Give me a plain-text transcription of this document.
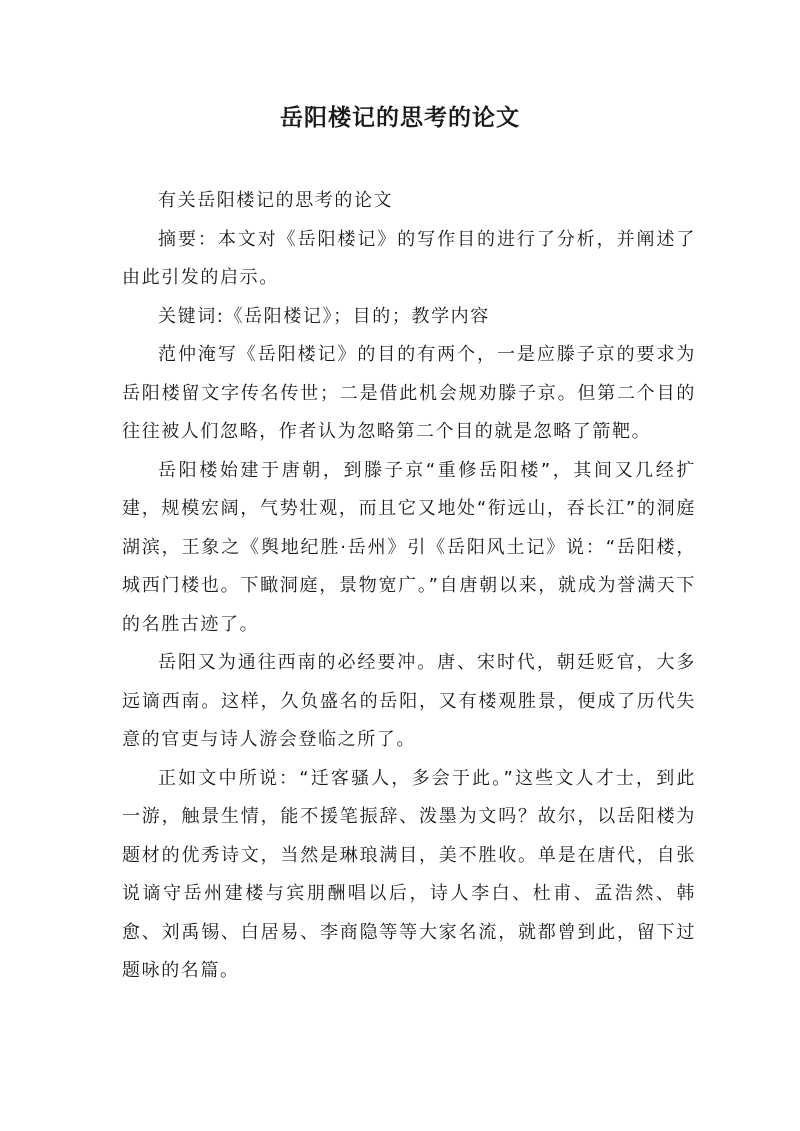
岳阳楼记的思考的论文

有关岳阳楼记的思考的论文

摘要：本文对《岳阳楼记》的写作目的进行了分析，并阐述了由此引发的启示。

关键词:《岳阳楼记》；目的；教学内容

范仲淹写《岳阳楼记》的目的有两个，一是应滕子京的要求为岳阳楼留文字传名传世；二是借此机会规劝滕子京。但第二个目的往往被人们忽略，作者认为忽略第二个目的就是忽略了箭靶。

岳阳楼始建于唐朝，到滕子京“重修岳阳楼”，其间又几经扩建，规模宏阔，气势壮观，而且它又地处“衔远山，吞长江”的洞庭湖滨，王象之《舆地纪胜·岳州》引《岳阳风土记》说：“岳阳楼，城西门楼也。下瞰洞庭，景物宽广。”自唐朝以来，就成为誉满天下的名胜古迹了。

岳阳又为通往西南的必经要冲。唐、宋时代，朝廷贬官，大多远谪西南。这样，久负盛名的岳阳，又有楼观胜景，便成了历代失意的官吏与诗人游会登临之所了。

正如文中所说：“迁客骚人，多会于此。”这些文人才士，到此一游，触景生情，能不援笔振辞、泼墨为文吗？故尔，以岳阳楼为题材的优秀诗文，当然是琳琅满目，美不胜收。单是在唐代，自张说谪守岳州建楼与宾朋酬唱以后，诗人李白、杜甫、孟浩然、韩愈、刘禹锡、白居易、李商隐等等大家名流，就都曾到此，留下过题咏的名篇。
